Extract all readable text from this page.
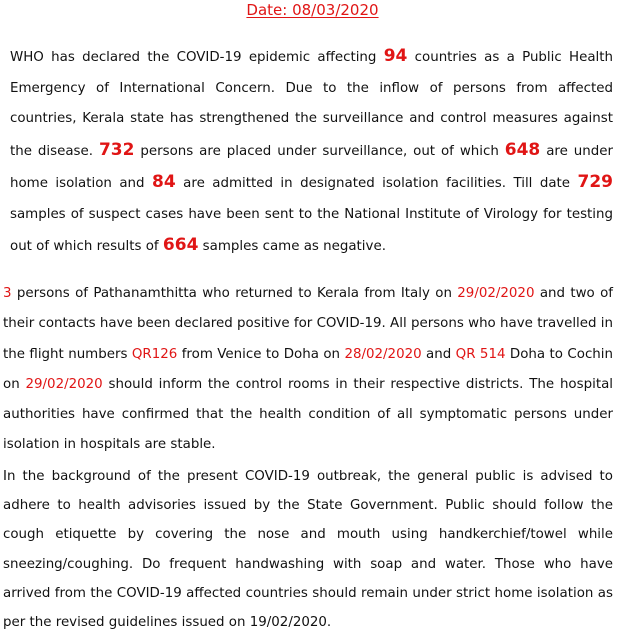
Date: 08/03/2020

WHO has declared the COVID-19 epidemic affecting 94 countries as a Public Health Emergency of International Concern. Due to the inflow of persons from affected countries, Kerala state has strengthened the surveillance and control measures against the disease. 732 persons are placed under surveillance, out of which 648 are under home isolation and 84 are admitted in designated isolation facilities. Till date 729 samples of suspect cases have been sent to the National Institute of Virology for testing out of which results of 664 samples came as negative.

3 persons of Pathanamthitta who returned to Kerala from Italy on 29/02/2020 and two of their contacts have been declared positive for COVID-19. All persons who have travelled in the flight numbers QR126 from Venice to Doha on 28/02/2020 and QR 514 Doha to Cochin on 29/02/2020 should inform the control rooms in their respective districts. The hospital authorities have confirmed that the health condition of all symptomatic persons under isolation in hospitals are stable.

In the background of the present COVID-19 outbreak, the general public is advised to adhere to health advisories issued by the State Government. Public should follow the cough etiquette by covering the nose and mouth using handkerchief/towel while sneezing/coughing. Do frequent handwashing with soap and water. Those who have arrived from the COVID-19 affected countries should remain under strict home isolation as per the revised guidelines issued on 19/02/2020.
